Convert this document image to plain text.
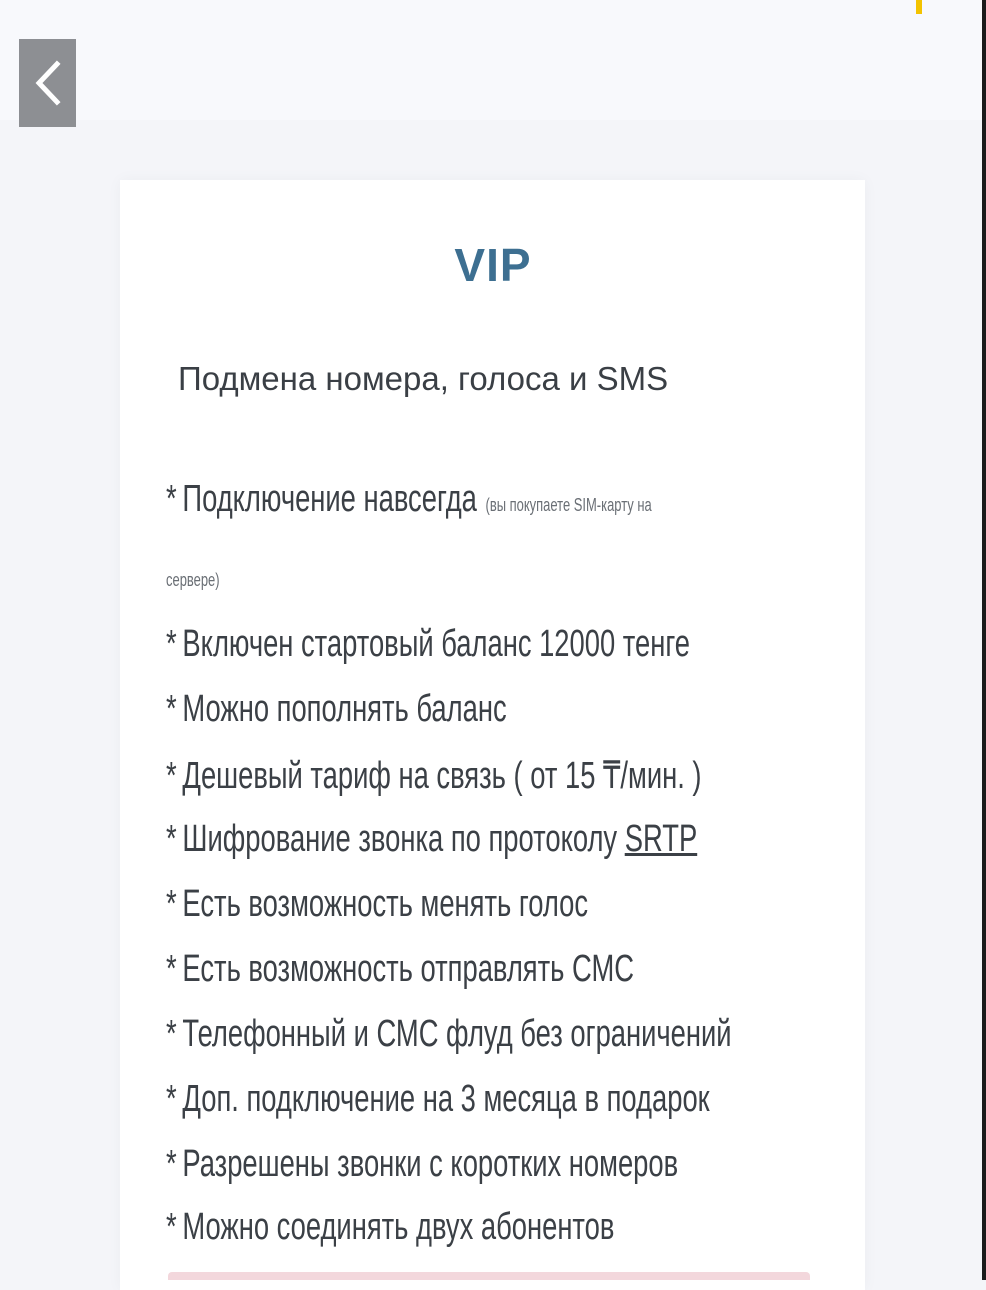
VIP
Подмена номера, голоса и SMS
* Подключение навсегда (вы покупаете SIM-карту на
сервере)
* Включен стартовый баланс 12000 тенге
* Можно пополнять баланс
* Дешевый тариф на связь ( от 15 ₸/мин. )
* Шифрование звонка по протоколу SRTP
* Есть возможность менять голос
* Есть возможность отправлять СМС
* Телефонный и СМС флуд без ограничений
* Доп. подключение на 3 месяца в подарок
* Разрешены звонки с коротких номеров
* Можно соединять двух абонентов
